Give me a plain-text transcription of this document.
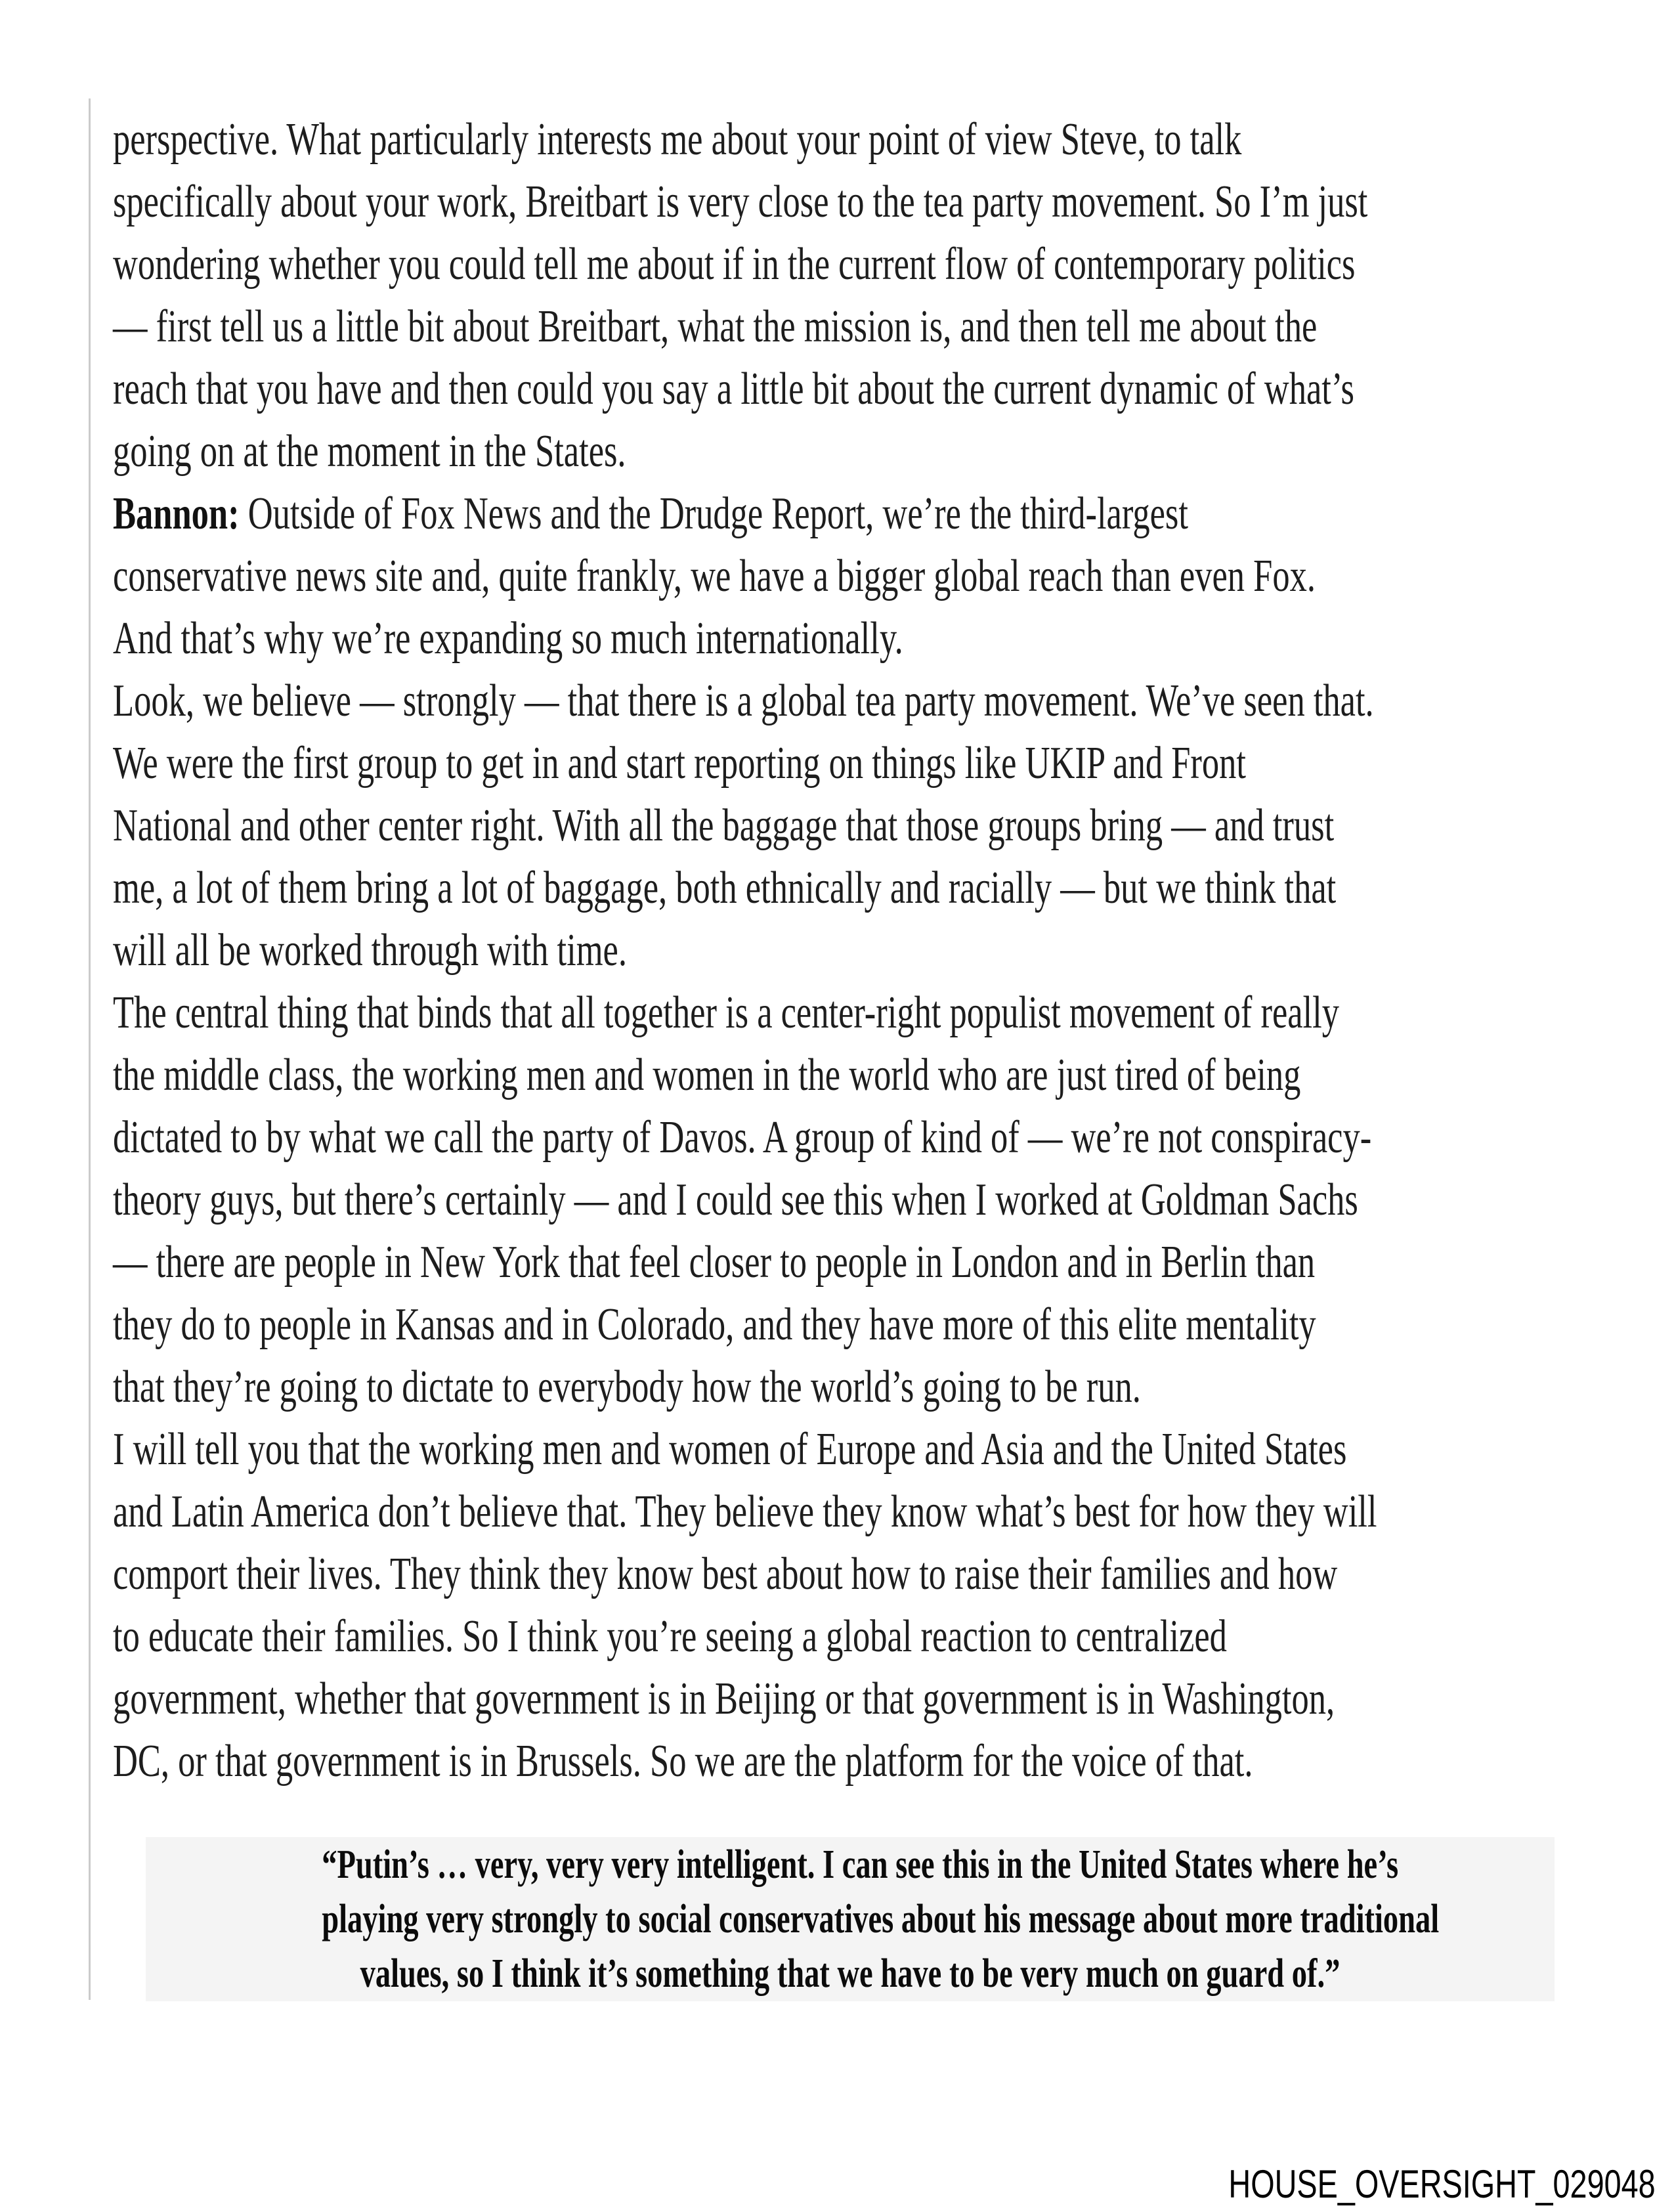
perspective. What particularly interests me about your point of view Steve, to talk
specifically about your work, Breitbart is very close to the tea party movement. So I’m just
wondering whether you could tell me about if in the current flow of contemporary politics
— first tell us a little bit about Breitbart, what the mission is, and then tell me about the
reach that you have and then could you say a little bit about the current dynamic of what’s
going on at the moment in the States.
Bannon: Outside of Fox News and the Drudge Report, we’re the third-largest
conservative news site and, quite frankly, we have a bigger global reach than even Fox.
And that’s why we’re expanding so much internationally.
Look, we believe — strongly — that there is a global tea party movement. We’ve seen that.
We were the first group to get in and start reporting on things like UKIP and Front
National and other center right. With all the baggage that those groups bring — and trust
me, a lot of them bring a lot of baggage, both ethnically and racially — but we think that
will all be worked through with time.
The central thing that binds that all together is a center-right populist movement of really
the middle class, the working men and women in the world who are just tired of being
dictated to by what we call the party of Davos. A group of kind of — we’re not conspiracy-
theory guys, but there’s certainly — and I could see this when I worked at Goldman Sachs
— there are people in New York that feel closer to people in London and in Berlin than
they do to people in Kansas and in Colorado, and they have more of this elite mentality
that they’re going to dictate to everybody how the world’s going to be run.
I will tell you that the working men and women of Europe and Asia and the United States
and Latin America don’t believe that. They believe they know what’s best for how they will
comport their lives. They think they know best about how to raise their families and how
to educate their families. So I think you’re seeing a global reaction to centralized
government, whether that government is in Beijing or that government is in Washington,
DC, or that government is in Brussels. So we are the platform for the voice of that.
“Putin’s … very, very very intelligent. I can see this in the United States where he’s
playing very strongly to social conservatives about his message about more traditional
values, so I think it’s something that we have to be very much on guard of.”
HOUSE_OVERSIGHT_029048
